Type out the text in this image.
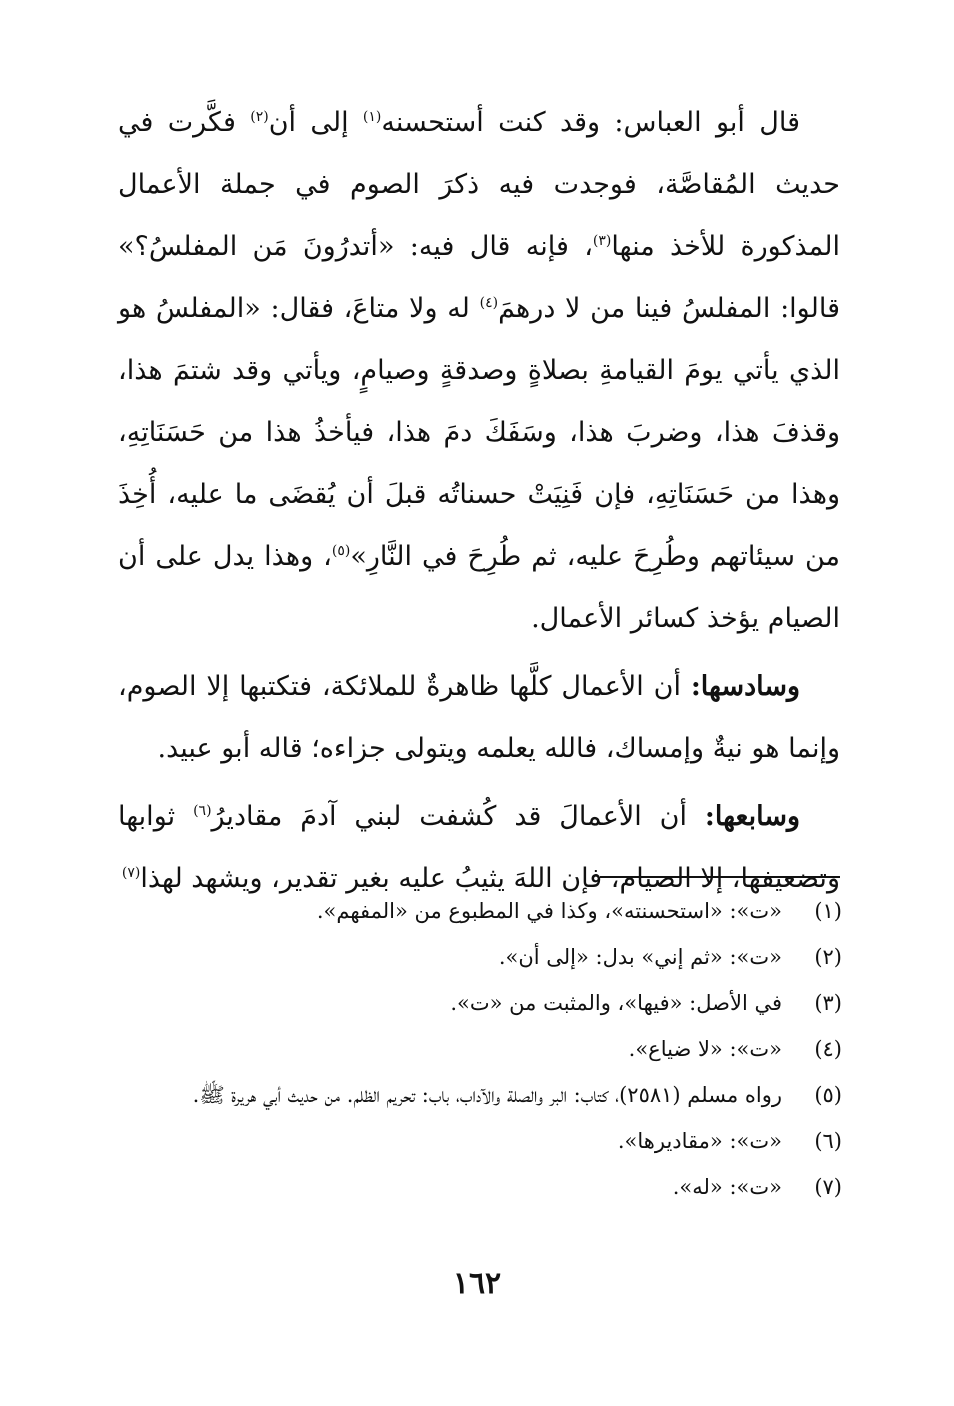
قال أبو العباس: وقد كنت أستحسنه$^{(١)}$ إلى أن$^{(٢)}$ فكَّرت في حديث المُقاصَّة، فوجدت فيه ذكرَ الصوم في جملة الأعمال المذكورة للأخذ منها$^{(٣)}$، فإنه قال فيه: «أتدرُونَ مَن المفلسُ؟» قالوا: المفلسُ فينا من لا درهمَ$^{(٤)}$ له ولا متاعَ، فقال: «المفلسُ هو الذي يأتي يومَ القيامةِ بصلاةٍ وصدقةٍ وصيامٍ، ويأتي وقد شتمَ هذا، وقذفَ هذا، وضربَ هذا، وسَفَكَ دمَ هذا، فيأخذُ هذا من حَسَنَاتِهِ، وهذا من حَسَنَاتِهِ، فإن فَنِيَتْ حسناتُه قبلَ أن يُقضَى ما عليه، أُخِذَ من سيئاتهم وطُرِحَ عليه، ثم طُرِحَ في النَّارِ»$^{(٥)}$، وهذا يدل على أن الصيام يؤخذ كسائر الأعمال.

وسادسها: أن الأعمال كلَّها ظاهرةٌ للملائكة، فتكتبها إلا الصوم، وإنما هو نيةٌ وإمساك، فالله يعلمه ويتولى جزاءه؛ قاله أبو عبيد.

وسابعها: أن الأعمالَ قد كُشفت لبني آدمَ مقاديرُ$^{(٦)}$ ثوابها وتضعيفها، إلا الصيام، فإن اللهَ يثيبُ عليه بغير تقدير، ويشهد لهذا$^{(٧)}$

(١)
«ت»: «استحسنته»، وكذا في المطبوع من «المفهم».
(٢)
«ت»: «ثم إني» بدل: «إلى أن».
(٣)
في الأصل: «فيها»، والمثبت من «ت».
(٤)
«ت»: «لا ضياع».
(٥)
رواه مسلم (٢٥٨١)، كتاب: البر والصلة والآداب، باب: تحريم الظلم. من حديث أبي هريرة ﷺ.
(٦)
«ت»: «مقاديرها».
(٧)
«ت»: «له».
١٦٢
